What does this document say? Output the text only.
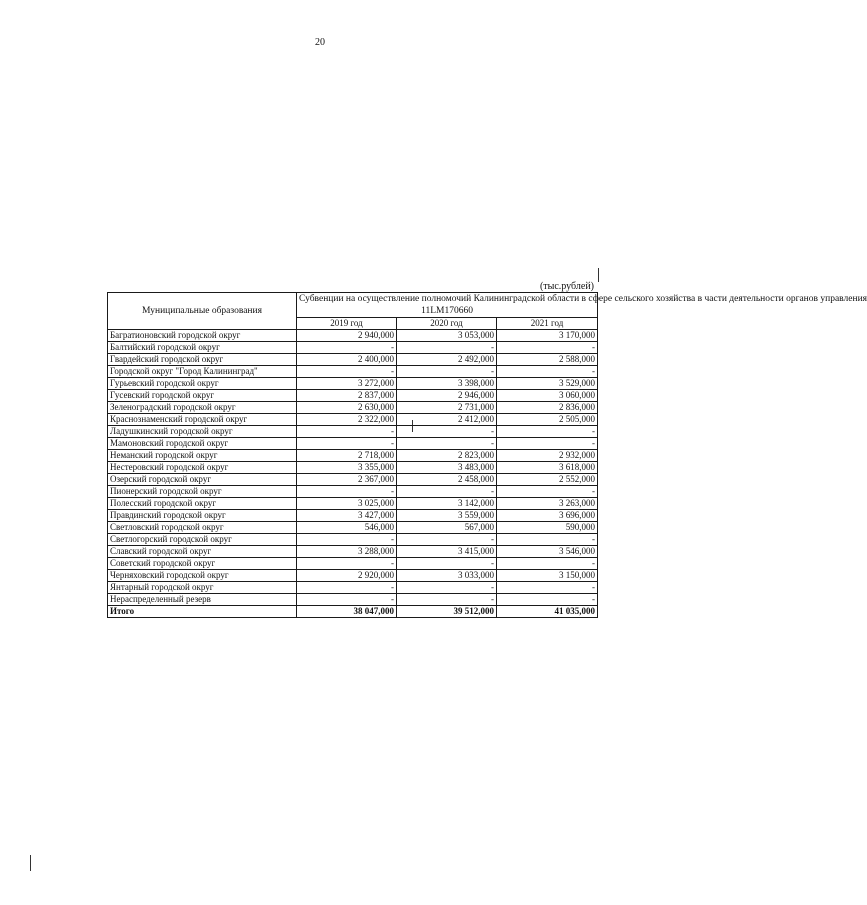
20
(тыс.рублей)
Муниципальные образования	Субвенции на осуществление полномочий Калининградской области в сфере сельского хозяйства в части деятельности органов управления
11LM170660		

	2019 год	2020 год	2021 год
Багратионовский городской округ	2 940,000	3 053,000	3 170,000
Балтийский городской округ	-	-	-
Гвардейский городской округ	2 400,000	2 492,000	2 588,000
Городской округ "Город Калининград"	-	-	-
Гурьевский городской округ	3 272,000	3 398,000	3 529,000
Гусевский городской округ	2 837,000	2 946,000	3 060,000
Зеленоградский городской округ	2 630,000	2 731,000	2 836,000
Краснознаменский городской округ	2 322,000	2 412,000	2 505,000
Ладушкинский городской округ	-	-	-
Мамоновский городской округ	-	-	-
Неманский городской округ	2 718,000	2 823,000	2 932,000
Нестеровский городской округ	3 355,000	3 483,000	3 618,000
Озерский городской округ	2 367,000	2 458,000	2 552,000
Пионерский городской округ	-	-	-
Полесский городской округ	3 025,000	3 142,000	3 263,000
Правдинский городской округ	3 427,000	3 559,000	3 696,000
Светловский городской округ	546,000	567,000	590,000
Светлогорский городской округ	-	-	-
Славский городской округ	3 288,000	3 415,000	3 546,000
Советский городской округ	-	-	-
Черняховский городской округ	2 920,000	3 033,000	3 150,000
Янтарный городской округ	-	-	-
Нераспределенный резерв	-	-	-
Итого	38 047,000	39 512,000	41 035,000
